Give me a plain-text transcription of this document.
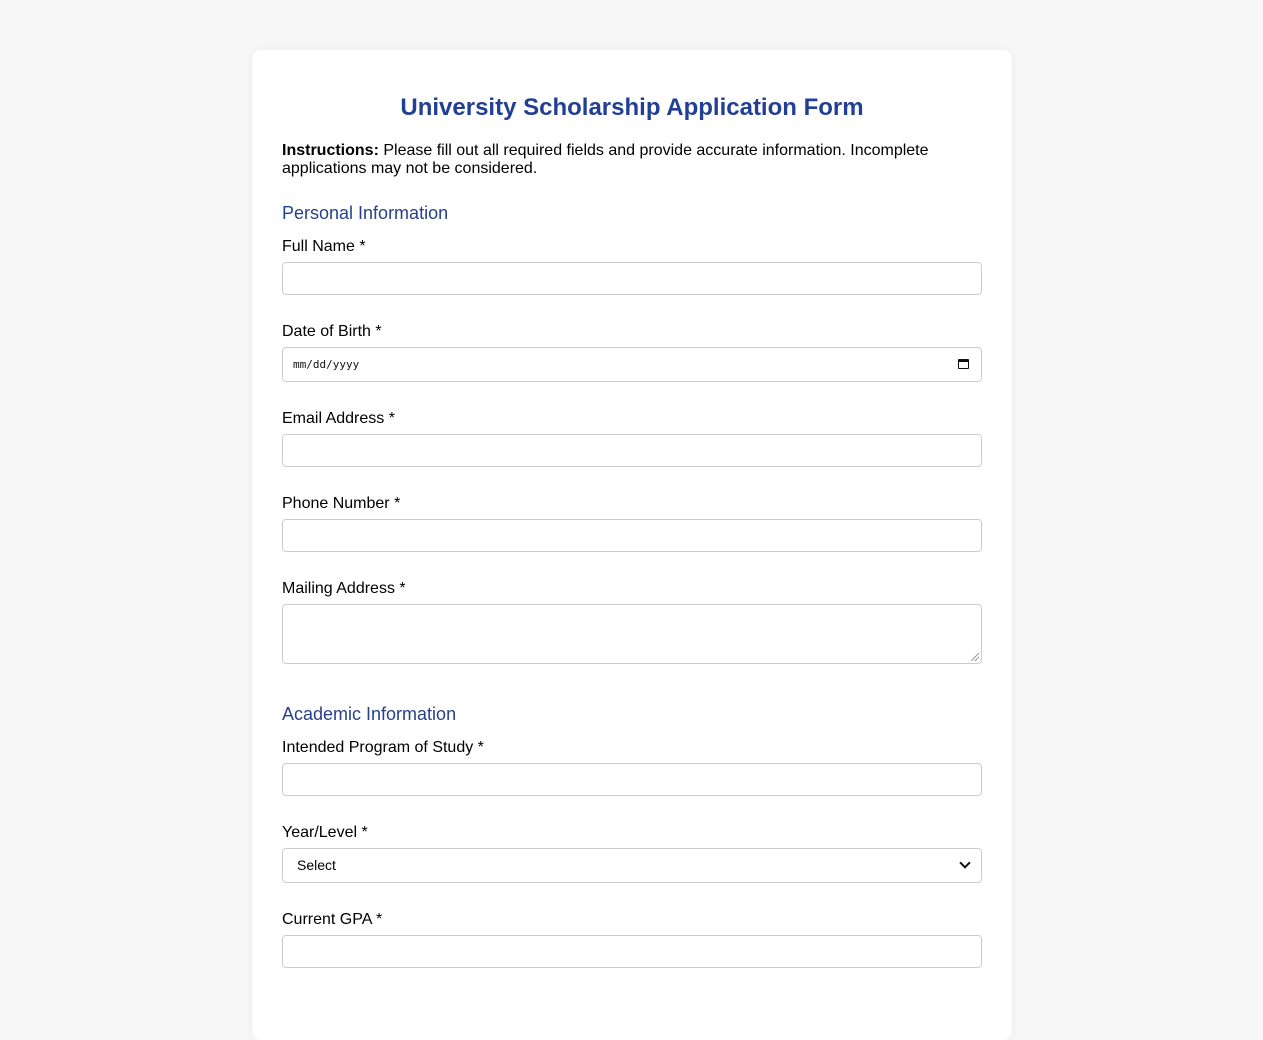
University Scholarship Application Form

Instructions: Please fill out all required fields and provide accurate information. Incomplete applications may not be considered.

Personal Information
Full Name *
Date of Birth *
mm/dd/yyyy
Email Address *
Phone Number *
Mailing Address *
Academic Information
Intended Program of Study *
Year/Level *
Select
Current GPA *
